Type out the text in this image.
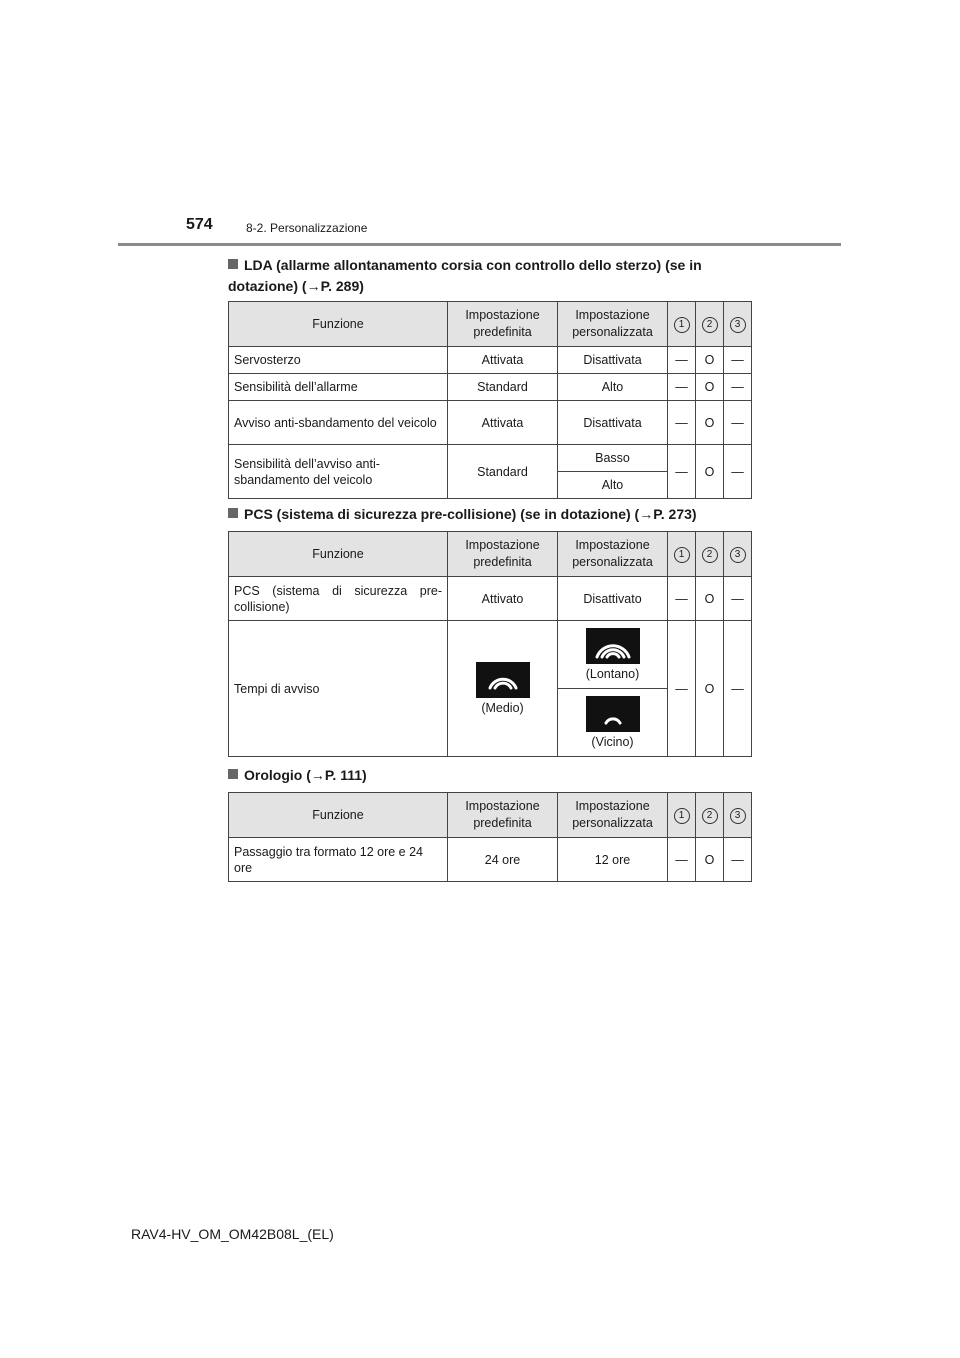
574	8-2. Personalizzazione
LDA (allarme allontanamento corsia con controllo dello sterzo) (se in dotazione) (→P. 289)
Funzione	Impostazione predefinita	Impostazione personalizzata	1	2	3
Servosterzo	Attivata	Disattivata	—	O	—
Sensibilità dell’allarme	Standard	Alto	—	O	—
Avviso anti-sbandamento del veicolo	Attivata	Disattivata	—	O	—
Sensibilità dell’avviso anti-sbandamento del veicolo	Standard	Basso	—	O	—
		Alto			
PCS (sistema di sicurezza pre-collisione) (se in dotazione) (→P. 273)
Funzione	Impostazione predefinita	Impostazione personalizzata	1	2	3
PCS (sistema di sicurezza pre-collisione)	Attivato	Disattivato	—	O	—
Tempi di avviso	(Medio)	(Lontano)	—	O	—

		(Vicino)			
Orologio (→P. 111)
Funzione	Impostazione predefinita	Impostazione personalizzata	1	2	3
Passaggio tra formato 12 ore e 24 ore	24 ore	12 ore	—	O	—
RAV4-HV_OM_OM42B08L_(EL)
